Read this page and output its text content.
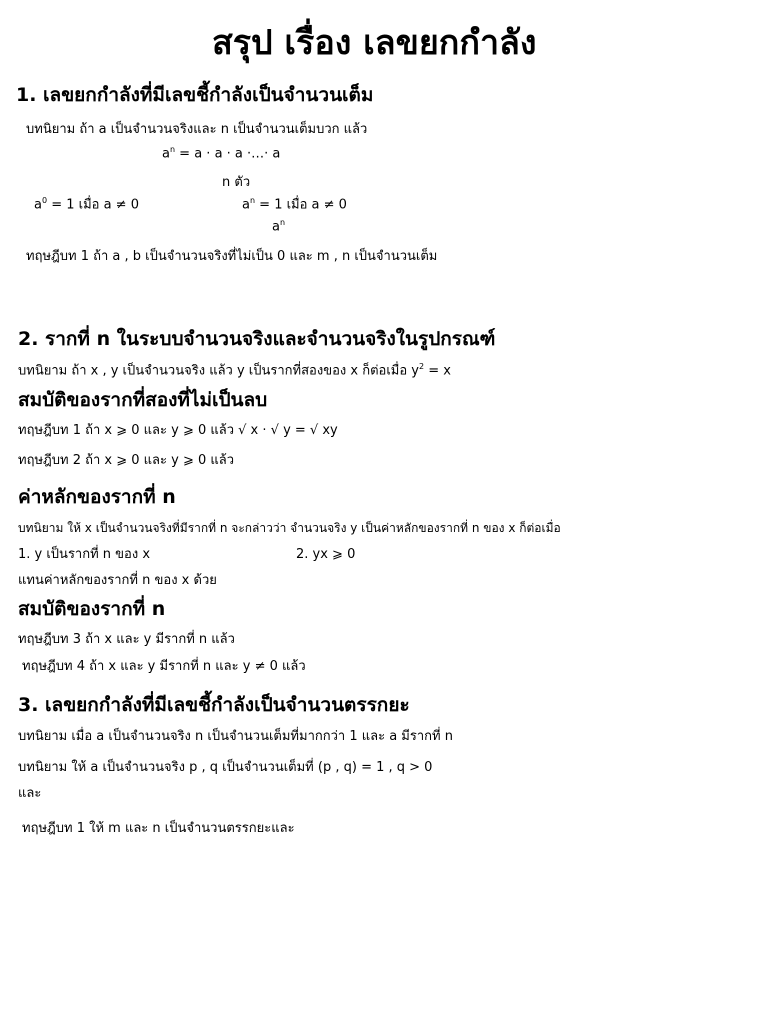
สรุป เรื่อง เลขยกกำลัง
1. เลขยกกำลังที่มีเลขชี้กำลังเป็นจำนวนเต็ม
บทนิยาม ถ้า a เป็นจำนวนจริงและ n เป็นจำนวนเต็มบวก แล้ว
$a^n = a \cdot a \cdot a$ ·…· a
n ตัว
$a^0 = 1$ เมื่อ a ≠ 0	$a^n = 1$ เมื่อ a ≠ 0
$a^n$
ทฤษฎีบท 1 ถ้า a , b เป็นจำนวนจริงที่ไม่เป็น 0 และ m , n เป็นจำนวนเต็ม
2. รากที่ n ในระบบจำนวนจริงและจำนวนจริงในรูปกรณฑ์
บทนิยาม ถ้า x , y เป็นจำนวนจริง แล้ว y เป็นรากที่สองของ x ก็ต่อเมื่อ $y^2 = x$
สมบัติของรากที่สองที่ไม่เป็นลบ
ทฤษฎีบท 1 ถ้า x ⩾ 0 และ y ⩾ 0 แล้ว √ x · √ y = √ xy
ทฤษฎีบท 2 ถ้า x ⩾ 0 และ y ⩾ 0 แล้ว
ค่าหลักของรากที่ n
บทนิยาม ให้ x เป็นจำนวนจริงที่มีรากที่ n จะกล่าวว่า จำนวนจริง y เป็นค่าหลักของรากที่ n ของ x ก็ต่อเมื่อ
1. y เป็นรากที่ n ของ x	2. yx ⩾ 0
แทนค่าหลักของรากที่ n ของ x ด้วย
สมบัติของรากที่ n
ทฤษฎีบท 3 ถ้า x และ y มีรากที่ n แล้ว
ทฤษฎีบท 4 ถ้า x และ y มีรากที่ n และ y ≠ 0 แล้ว
3. เลขยกกำลังที่มีเลขชี้กำลังเป็นจำนวนตรรกยะ
บทนิยาม เมื่อ a เป็นจำนวนจริง n เป็นจำนวนเต็มที่มากกว่า 1 และ a มีรากที่ n
บทนิยาม ให้ a เป็นจำนวนจริง p , q เป็นจำนวนเต็มที่ (p , q) = 1 , q > 0
และ
ทฤษฎีบท 1 ให้ m และ n เป็นจำนวนตรรกยะและ
